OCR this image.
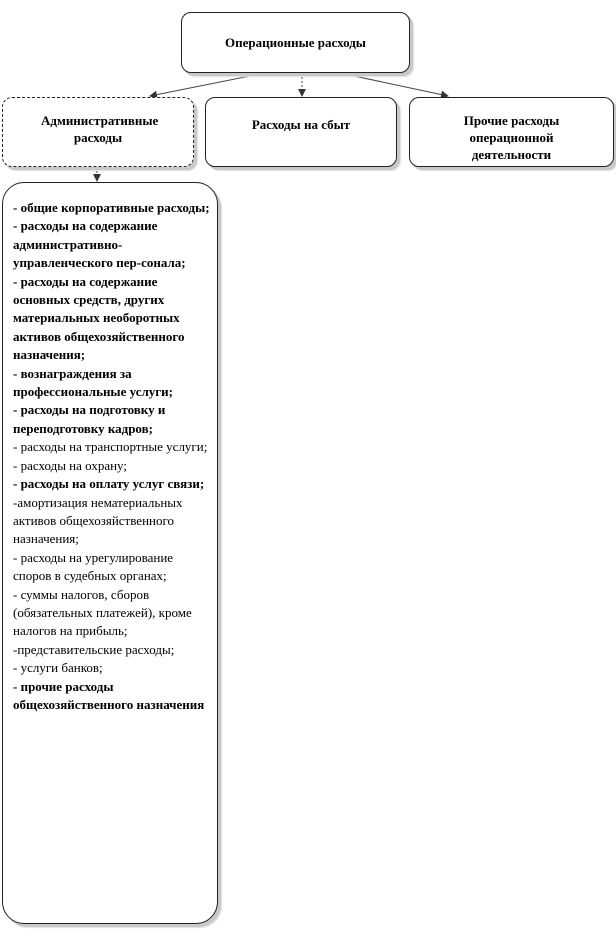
Операционные расходы
Административные расходы
Расходы на сбыт	Прочие расходы операционной деятельности
- общие корпоративные расходы;
- расходы на содержание административно-управленческого пер-сонала;
- расходы на содержание основных средств, других материальных необоротных активов общехозяйственного назначения;
- вознаграждения за профессиональные услуги;
- расходы на подготовку и переподготовку кадров;
- расходы на транспортные услуги;
- расходы на охрану;
- расходы на оплату услуг связи;
-амортизация нематериальных активов общехозяйственного назначения;
- расходы на урегулирование споров в судебных органах;
- суммы налогов, сборов (обязательных платежей), кроме налогов на прибыль;
-представительские расходы;
- услуги банков;
- прочие расходы общехозяйственного назначения
